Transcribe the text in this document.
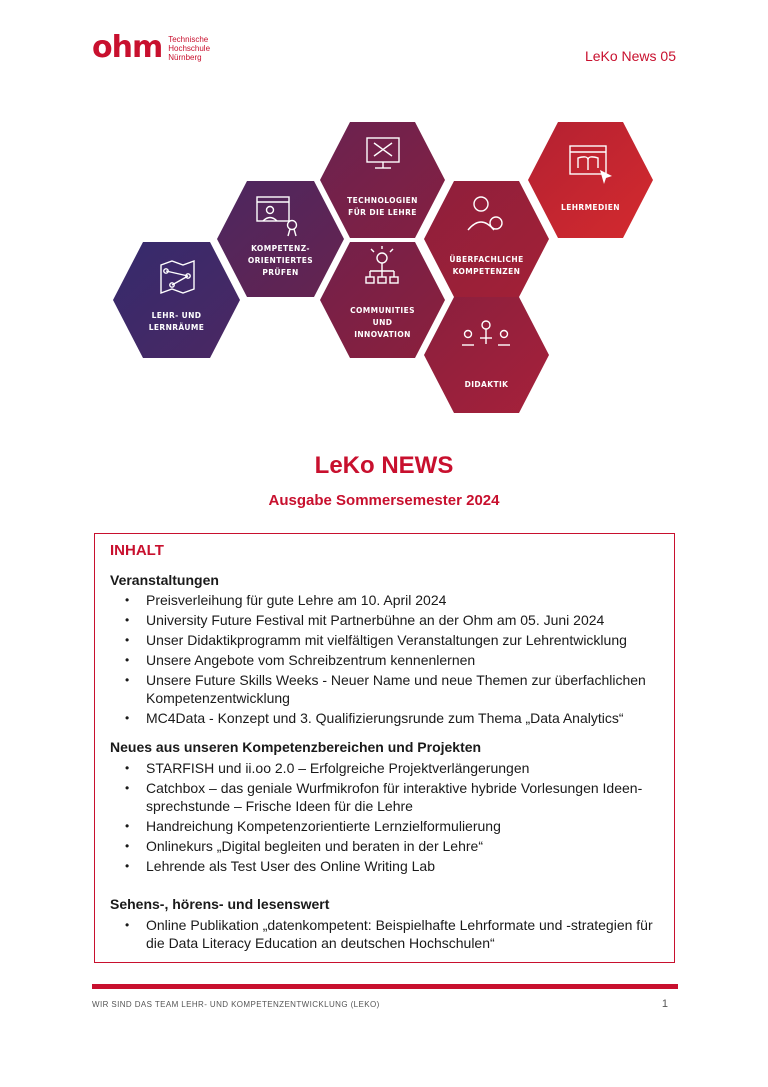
ohm Technische
Hochschule
Nürnberg	LeKo News 05
LEHR- UND
LERNRÄUME
KOMPETENZ-
ORIENTIERTES
PRÜFEN
TECHNOLOGIEN
FÜR DIE LEHRE
COMMUNITIES
UND
INNOVATION
ÜBERFACHLICHE
KOMPETENZEN
DIDAKTIK
LEHRMEDIEN
LeKo NEWS
Ausgabe Sommersemester 2024
INHALT
Veranstaltungen
• Preisverleihung für gute Lehre am 10. April 2024
• University Future Festival mit Partnerbühne an der Ohm am 05. Juni 2024
• Unser Didaktikprogramm mit vielfältigen Veranstaltungen zur Lehrentwicklung
• Unsere Angebote vom Schreibzentrum kennenlernen
• Unsere Future Skills Weeks - Neuer Name und neue Themen zur überfachlichen Kompetenzentwicklung
• MC4Data - Konzept und 3. Qualifizierungsrunde zum Thema „Data Analytics“
Neues aus unseren Kompetenzbereichen und Projekten
• STARFISH und ii.oo 2.0 – Erfolgreiche Projektverlängerungen
• Catchbox – das geniale Wurfmikrofon für interaktive hybride Vorlesungen Ideen-sprechstunde – Frische Ideen für die Lehre
• Handreichung Kompetenzorientierte Lernzielformulierung
• Onlinekurs „Digital begleiten und beraten in der Lehre“
• Lehrende als Test User des Online Writing Lab
Sehens-, hörens- und lesenswert
• Online Publikation „datenkompetent: Beispielhafte Lehrformate und -strategien für die Data Literacy Education an deutschen Hochschulen“
WIR SIND DAS TEAM LEHR- UND KOMPETENZENTWICKLUNG (LEKO)	1
